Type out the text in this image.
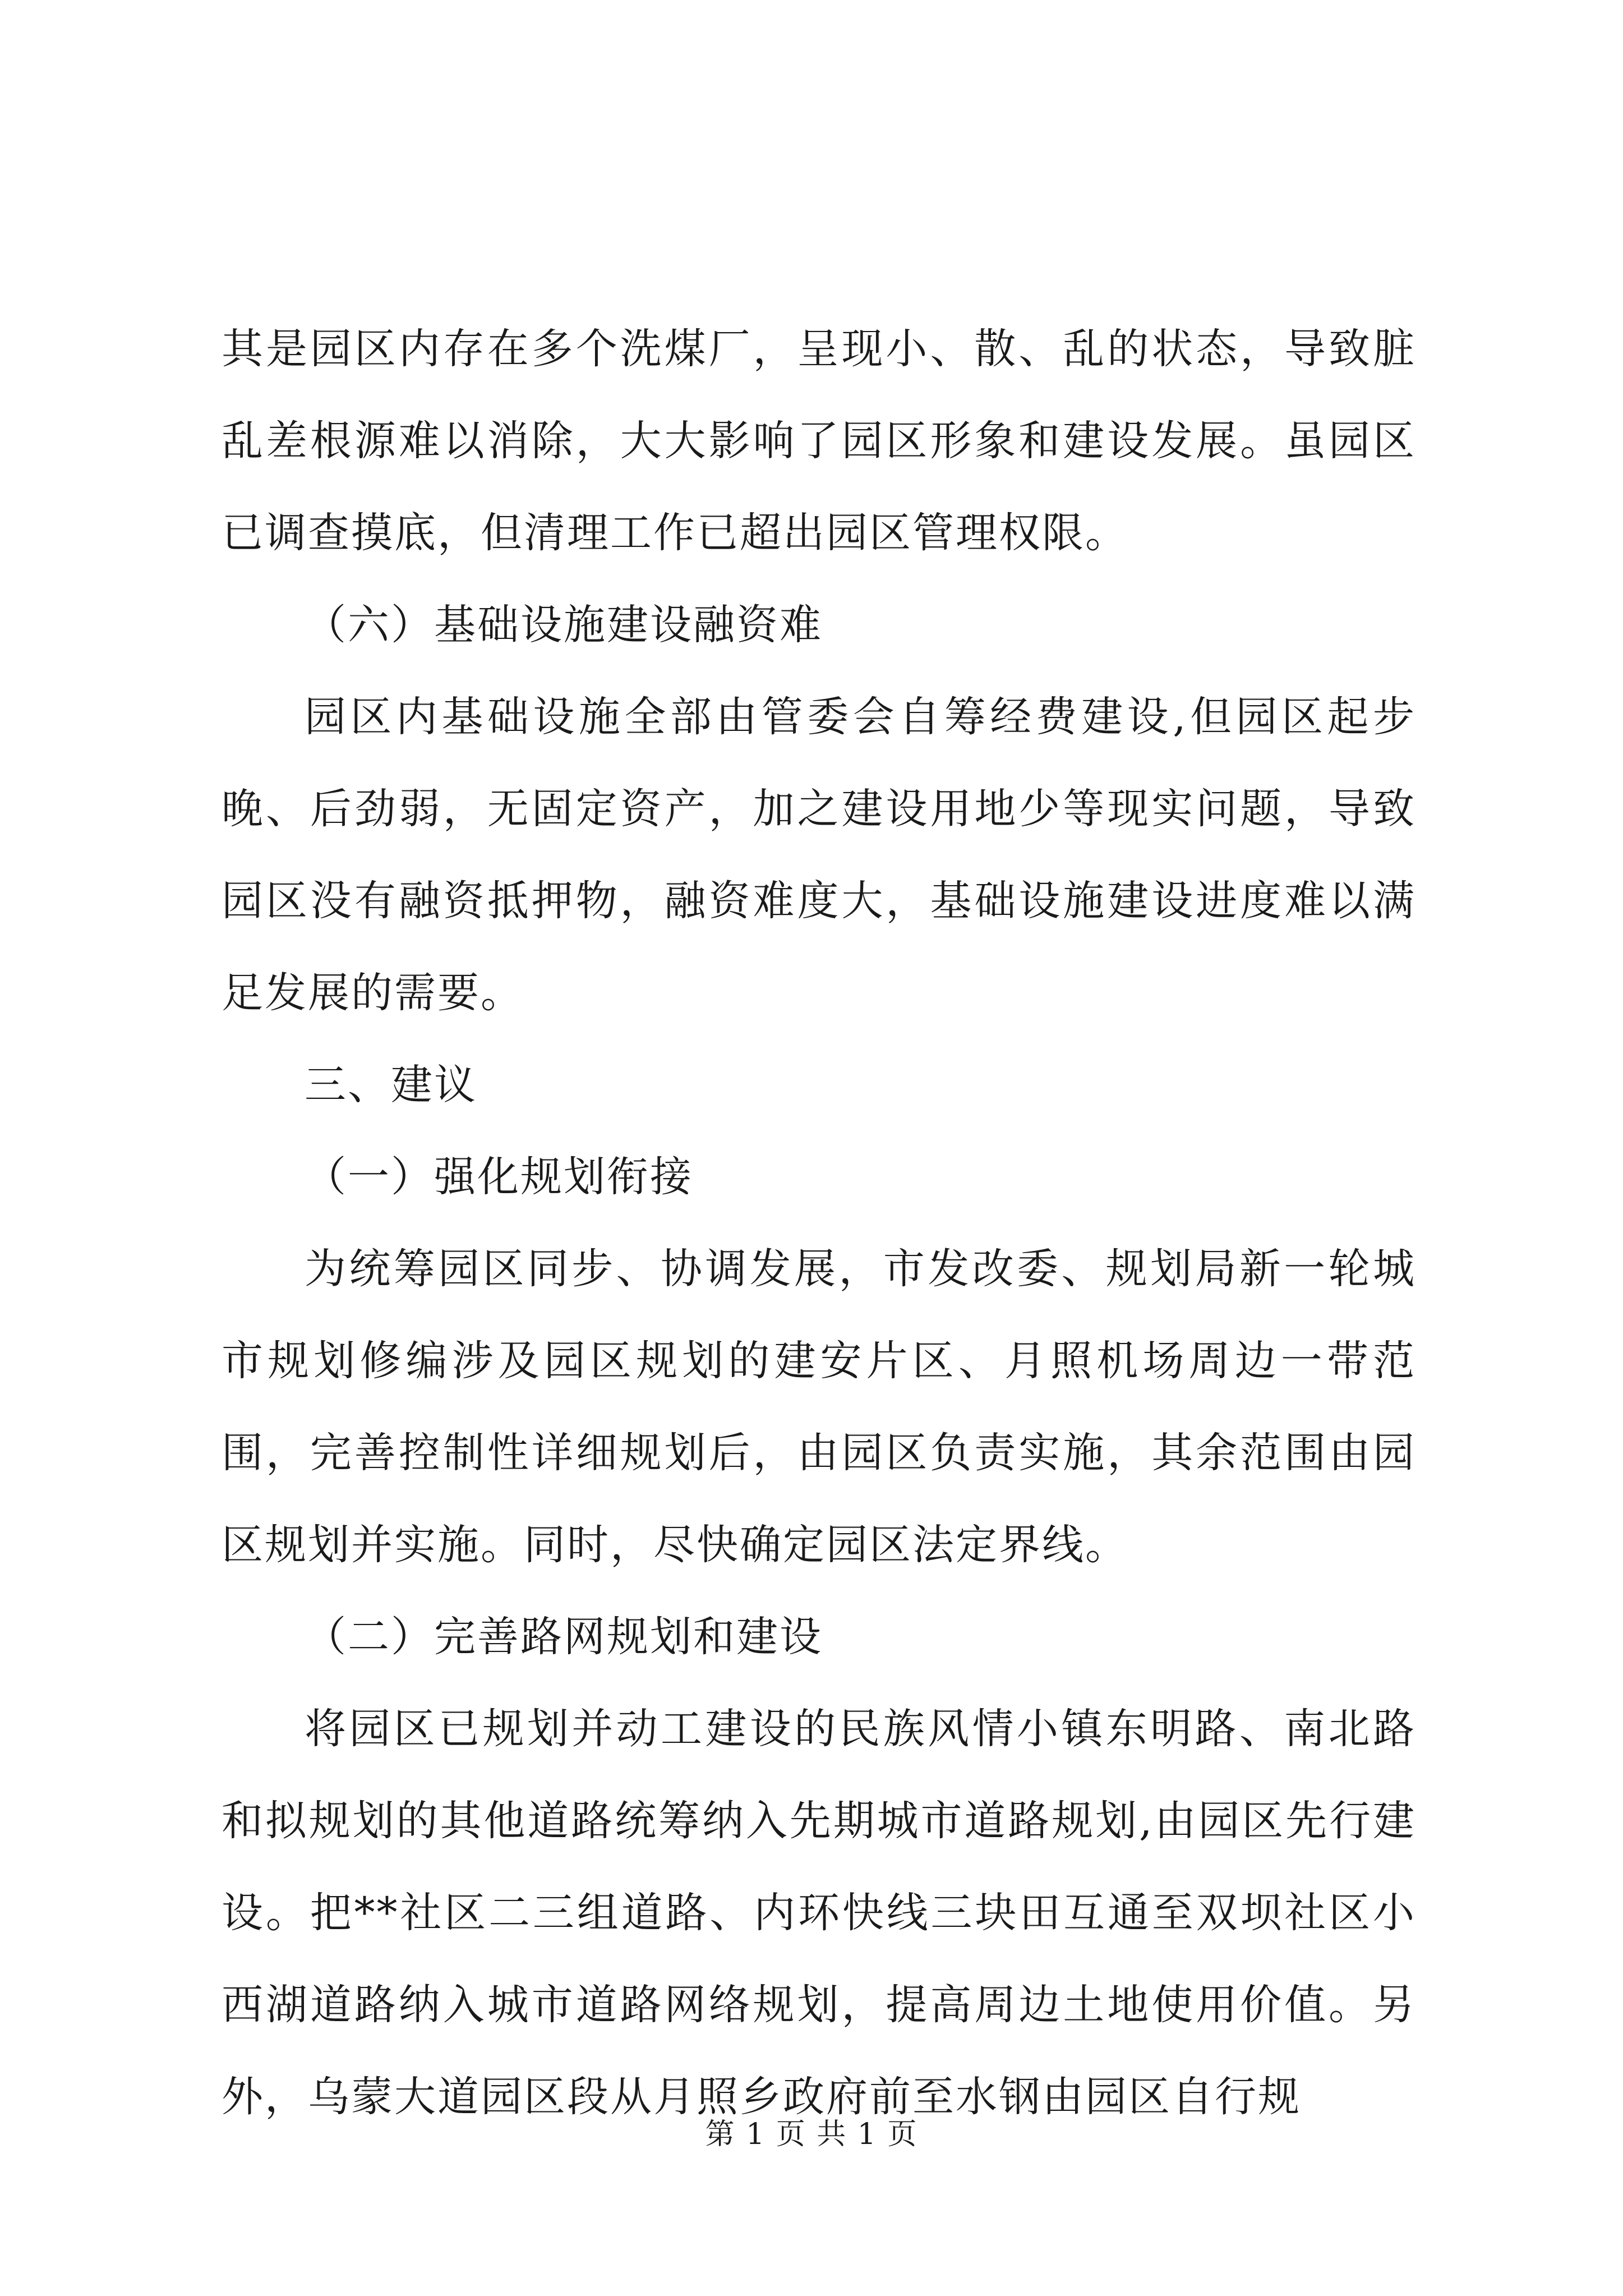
其是园区内存在多个洗煤厂，呈现小、散、乱的状态，导致脏乱差根源难以消除，大大影响了园区形象和建设发展。虽园区已调查摸底，但清理工作已超出园区管理权限。

（六）基础设施建设融资难

园区内基础设施全部由管委会自筹经费建设,但园区起步晚、后劲弱，无固定资产，加之建设用地少等现实问题，导致园区没有融资抵押物，融资难度大，基础设施建设进度难以满足发展的需要。

三、建议

（一）强化规划衔接

为统筹园区同步、协调发展，市发改委、规划局新一轮城市规划修编涉及园区规划的建安片区、月照机场周边一带范围，完善控制性详细规划后，由园区负责实施，其余范围由园区规划并实施。同时，尽快确定园区法定界线。

（二）完善路网规划和建设

将园区已规划并动工建设的民族风情小镇东明路、南北路和拟规划的其他道路统筹纳入先期城市道路规划,由园区先行建设。把**社区二三组道路、内环快线三块田互通至双坝社区小西湖道路纳入城市道路网络规划，提高周边土地使用价值。另外，乌蒙大道园区段从月照乡政府前至水钢由园区自行规

第 1 页 共 1 页
